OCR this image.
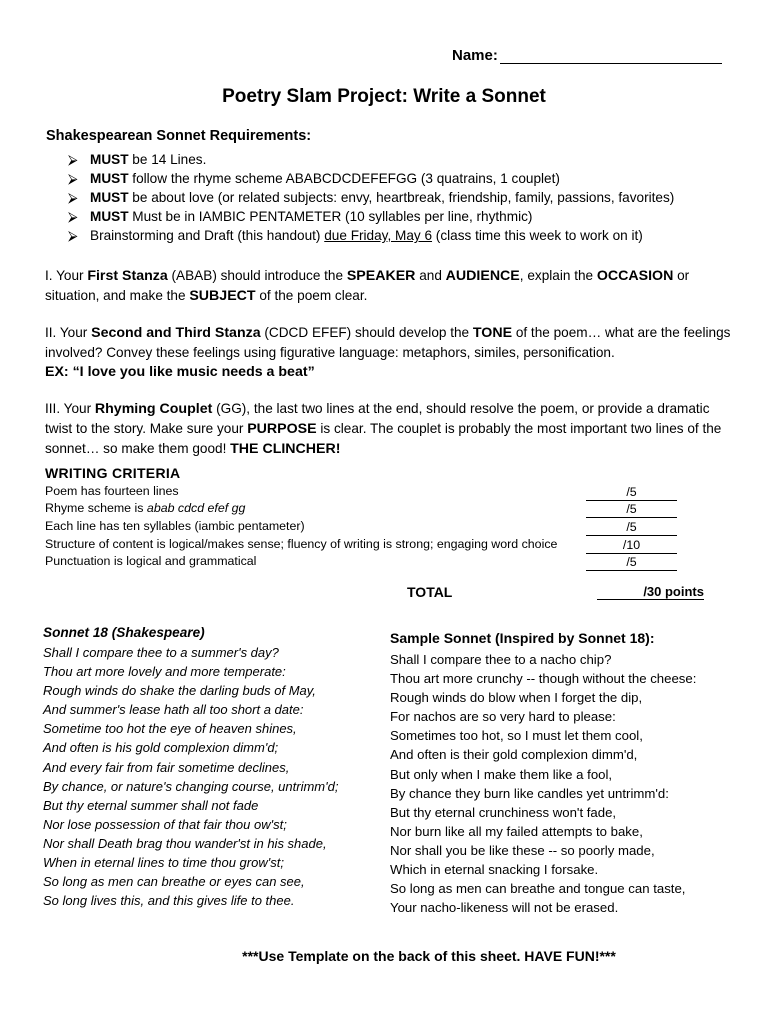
Name:
Poetry Slam Project: Write a Sonnet
Shakespearean Sonnet Requirements:
⮚ MUST be 14 Lines.
⮚ MUST follow the rhyme scheme ABABCDCDEFEFGG (3 quatrains, 1 couplet)
⮚ MUST be about love (or related subjects: envy, heartbreak, friendship, family, passions, favorites)
⮚ MUST Must be in IAMBIC PENTAMETER (10 syllables per line, rhythmic)
⮚ Brainstorming and Draft (this handout) due Friday, May 6 (class time this week to work on it)
I. Your First Stanza (ABAB) should introduce the SPEAKER and AUDIENCE, explain the OCCASION or situation, and make the SUBJECT of the poem clear.
II. Your Second and Third Stanza (CDCD EFEF) should develop the TONE of the poem… what are the feelings involved? Convey these feelings using figurative language: metaphors, similes, personification.
EX: “I love you like music needs a beat”
III. Your Rhyming Couplet (GG), the last two lines at the end, should resolve the poem, or provide a dramatic twist to the story. Make sure your PURPOSE is clear. The couplet is probably the most important two lines of the sonnet… so make them good! THE CLINCHER!
WRITING CRITERIA
Poem has fourteen lines	/5
Rhyme scheme is abab cdcd efef gg	/5
Each line has ten syllables (iambic pentameter)	/5
Structure of content is logical/makes sense; fluency of writing is strong; engaging word choice	/10
Punctuation is logical and grammatical	/5
TOTAL	/30 points
Sonnet 18 (Shakespeare)
Shall I compare thee to a summer's day?
Thou art more lovely and more temperate:
Rough winds do shake the darling buds of May,
And summer's lease hath all too short a date:
Sometime too hot the eye of heaven shines,
And often is his gold complexion dimm'd;
And every fair from fair sometime declines,
By chance, or nature's changing course, untrimm'd;
But thy eternal summer shall not fade
Nor lose possession of that fair thou ow'st;
Nor shall Death brag thou wander'st in his shade,
When in eternal lines to time thou grow'st;
So long as men can breathe or eyes can see,
So long lives this, and this gives life to thee.
Sample Sonnet (Inspired by Sonnet 18):
Shall I compare thee to a nacho chip?
Thou art more crunchy -- though without the cheese:
Rough winds do blow when I forget the dip,
For nachos are so very hard to please:
Sometimes too hot, so I must let them cool,
And often is their gold complexion dimm'd,
But only when I make them like a fool,
By chance they burn like candles yet untrimm'd:
But thy eternal crunchiness won't fade,
Nor burn like all my failed attempts to bake,
Nor shall you be like these -- so poorly made,
Which in eternal snacking I forsake.
So long as men can breathe and tongue can taste,
Your nacho-likeness will not be erased.
***Use Template on the back of this sheet. HAVE FUN!***
